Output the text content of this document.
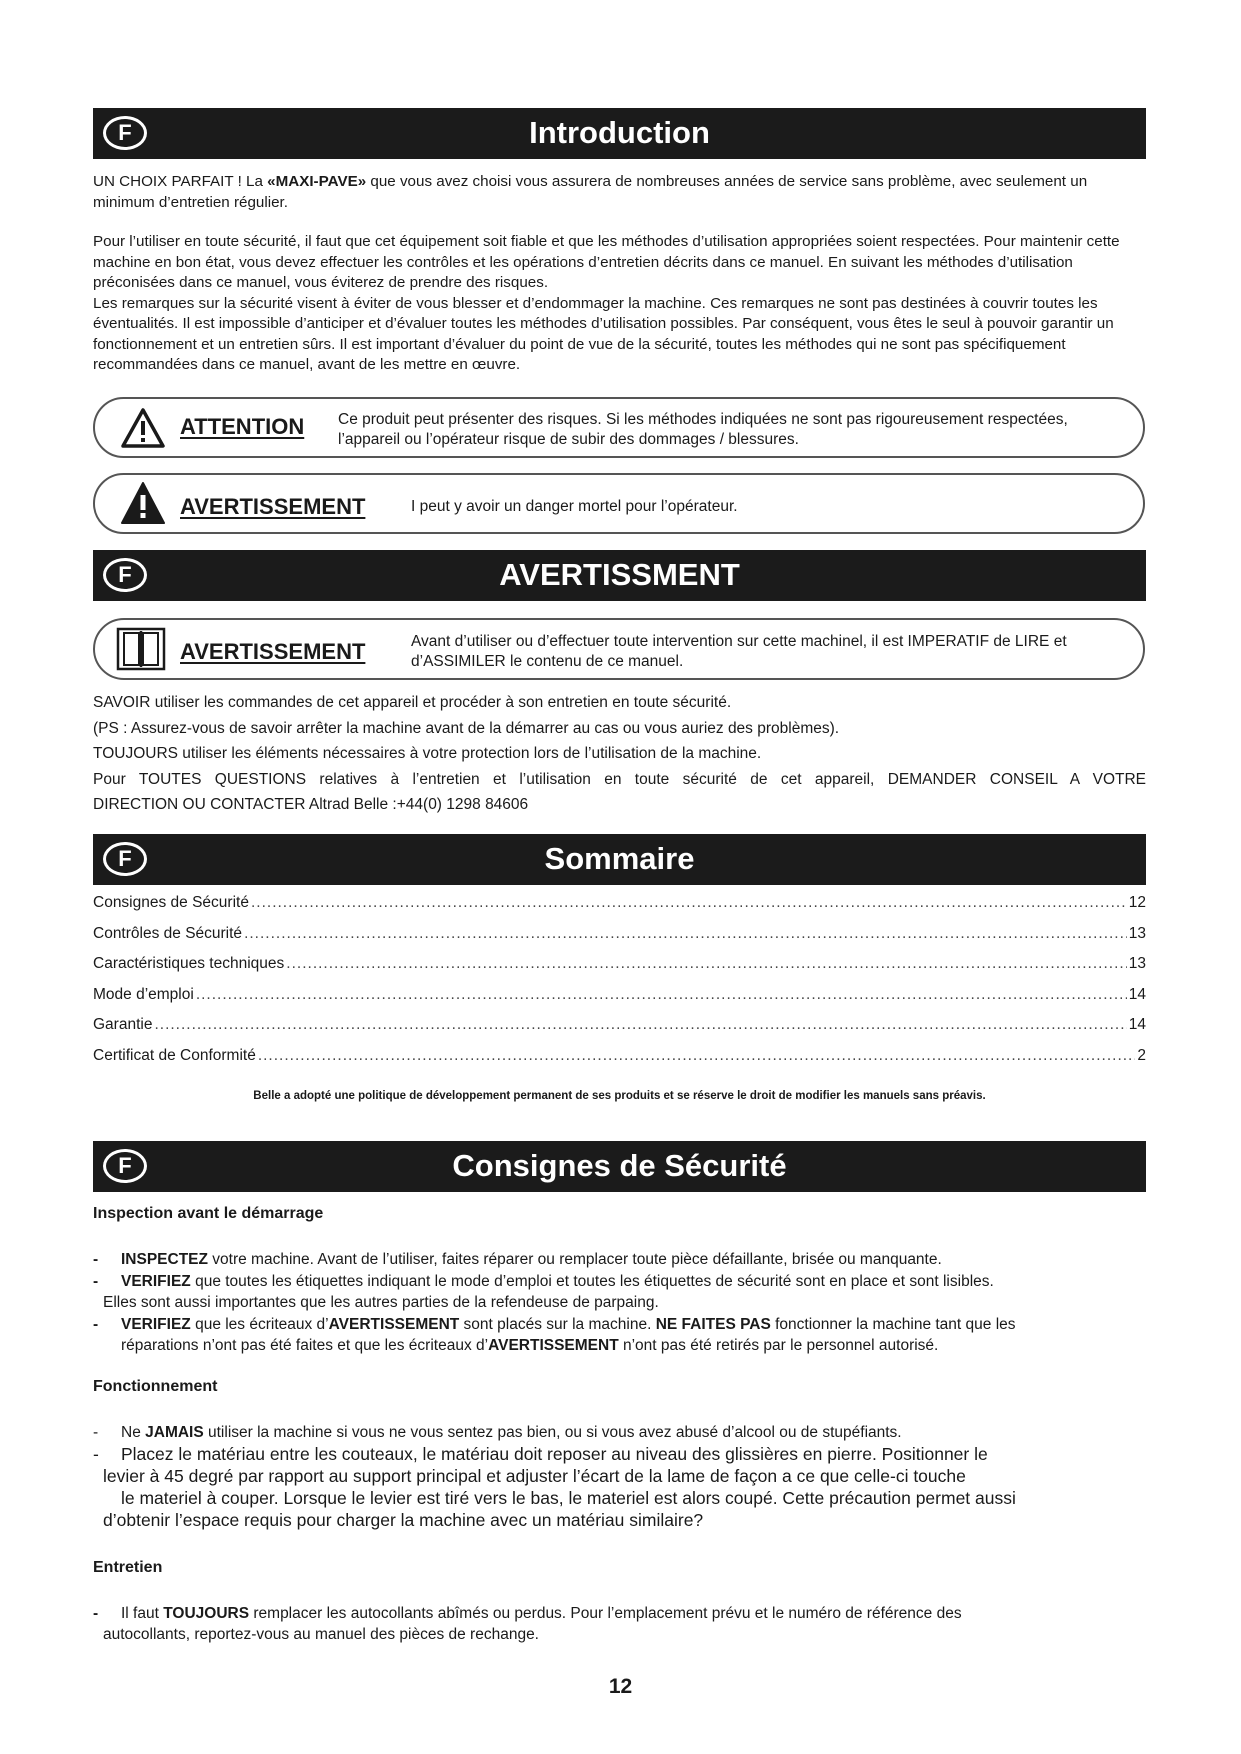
F	Introduction

UN CHOIX PARFAIT ! La «MAXI-PAVE» que vous avez choisi vous assurera de nombreuses années de service sans problème, avec seulement un minimum d’entretien régulier.

Pour l’utiliser en toute sécurité, il faut que cet équipement soit fiable et que les méthodes d’utilisation appropriées soient respectées. Pour maintenir cette machine en bon état, vous devez effectuer les contrôles et les opérations d’entretien décrits dans ce manuel. En suivant les méthodes d’utilisation préconisées dans ce manuel, vous éviterez de prendre des risques.

Les remarques sur la sécurité visent à éviter de vous blesser et d’endommager la machine. Ces remarques ne sont pas destinées à couvrir toutes les éventualités. Il est impossible d’anticiper et d’évaluer toutes les méthodes d’utilisation possibles. Par conséquent, vous êtes le seul à pouvoir garantir un fonctionnement et un entretien sûrs. Il est important d’évaluer du point de vue de la sécurité, toutes les méthodes qui ne sont pas spécifiquement recommandées dans ce manuel, avant de les mettre en œuvre.

ATTENTION Ce produit peut présenter des risques. Si les méthodes indiquées ne sont pas rigoureusement respectées, l’appareil ou l’opérateur risque de subir des dommages / blessures.
AVERTISSEMENT	I peut y avoir un danger mortel pour l’opérateur.
F	AVERTISSMENT
AVERTISSEMENT	Avant d’utiliser ou d’effectuer toute intervention sur cette machinel, il est IMPERATIF de LIRE et d’ASSIMILER le contenu de ce manuel.

SAVOIR utiliser les commandes de cet appareil et procéder à son entretien en toute sécurité.

(PS : Assurez-vous de savoir arrêter la machine avant de la démarrer au cas ou vous auriez des problèmes).

TOUJOURS utiliser les éléments nécessaires à votre protection lors de l’utilisation de la machine.

Pour TOUTES QUESTIONS relatives à l’entretien et l’utilisation en toute sécurité de cet appareil, DEMANDER CONSEIL A VOTRE

DIRECTION OU CONTACTER Altrad Belle :+44(0) 1298 84606

F	Sommaire
Consignes de Sécurité .....	12
Contrôles de Sécurité .....	13
Caractéristiques techniques .....	13
Mode d’emploi .....	14
Garantie .....	14
Certificat de Conformité .....	2
Belle a adopté une politique de développement permanent de ses produits et se réserve le droit de modifier les manuels sans préavis.
F	Consignes de Sécurité
Inspection avant le démarrage
-	INSPECTEZ votre machine. Avant de l’utiliser, faites réparer ou remplacer toute pièce défaillante, brisée ou manquante.
-	VERIFIEZ que toutes les étiquettes indiquant le mode d’emploi et toutes les étiquettes de sécurité sont en place et sont lisibles.
Elles sont aussi importantes que les autres parties de la refendeuse de parpaing.
-	VERIFIEZ que les écriteaux d’AVERTISSEMENT sont placés sur la machine. NE FAITES PAS fonctionner la machine tant que les
réparations n’ont pas été faites et que les écriteaux d’AVERTISSEMENT n’ont pas été retirés par le personnel autorisé.
Fonctionnement
-	Ne JAMAIS utiliser la machine si vous ne vous sentez pas bien, ou si vous avez abusé d’alcool ou de stupéfiants.
-	Placez le matériau entre les couteaux, le matériau doit reposer au niveau des glissières en pierre. Positionner le
levier à 45 degré par rapport au support principal et adjuster l’écart de la lame de façon a ce que celle-ci touche
le materiel à couper. Lorsque le levier est tiré vers le bas, le materiel est alors coupé. Cette précaution permet aussi
d’obtenir l’espace requis pour charger la machine avec un matériau similaire?
Entretien
-	Il faut TOUJOURS remplacer les autocollants abîmés ou perdus. Pour l’emplacement prévu et le numéro de référence des
autocollants, reportez-vous au manuel des pièces de rechange.
12
